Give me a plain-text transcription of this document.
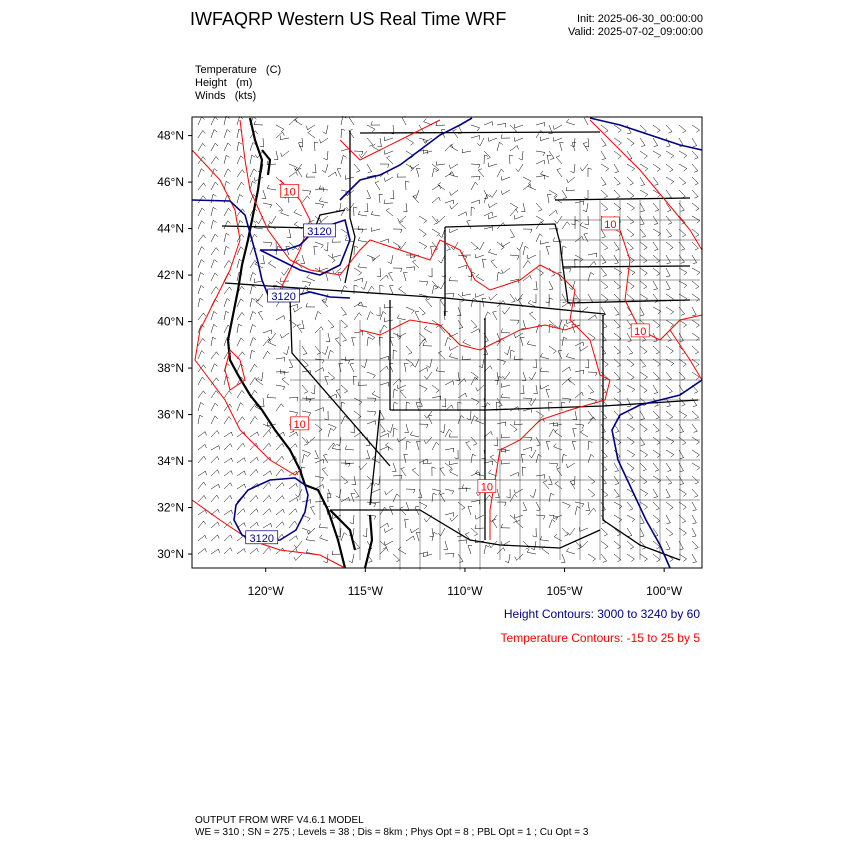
IWFAQRP Western US Real Time WRF	Init: 2025-06-30_00:00:00
Valid: 2025-07-02_09:00:00
Temperature   (C)
Height   (m)
Winds   (kts)
3120
3120
3120
10
10
10
10
10
30°N
32°N
34°N
36°N
38°N
40°N
42°N
44°N
46°N
48°N
120°W	115°W	110°W	105°W	100°W
Height Contours: 3000 to 3240 by 60
Temperature Contours: -15 to 25 by 5
OUTPUT FROM WRF V4.6.1 MODEL
WE = 310 ; SN = 275 ; Levels = 38 ; Dis = 8km ; Phys Opt = 8 ; PBL Opt = 1 ; Cu Opt = 3
